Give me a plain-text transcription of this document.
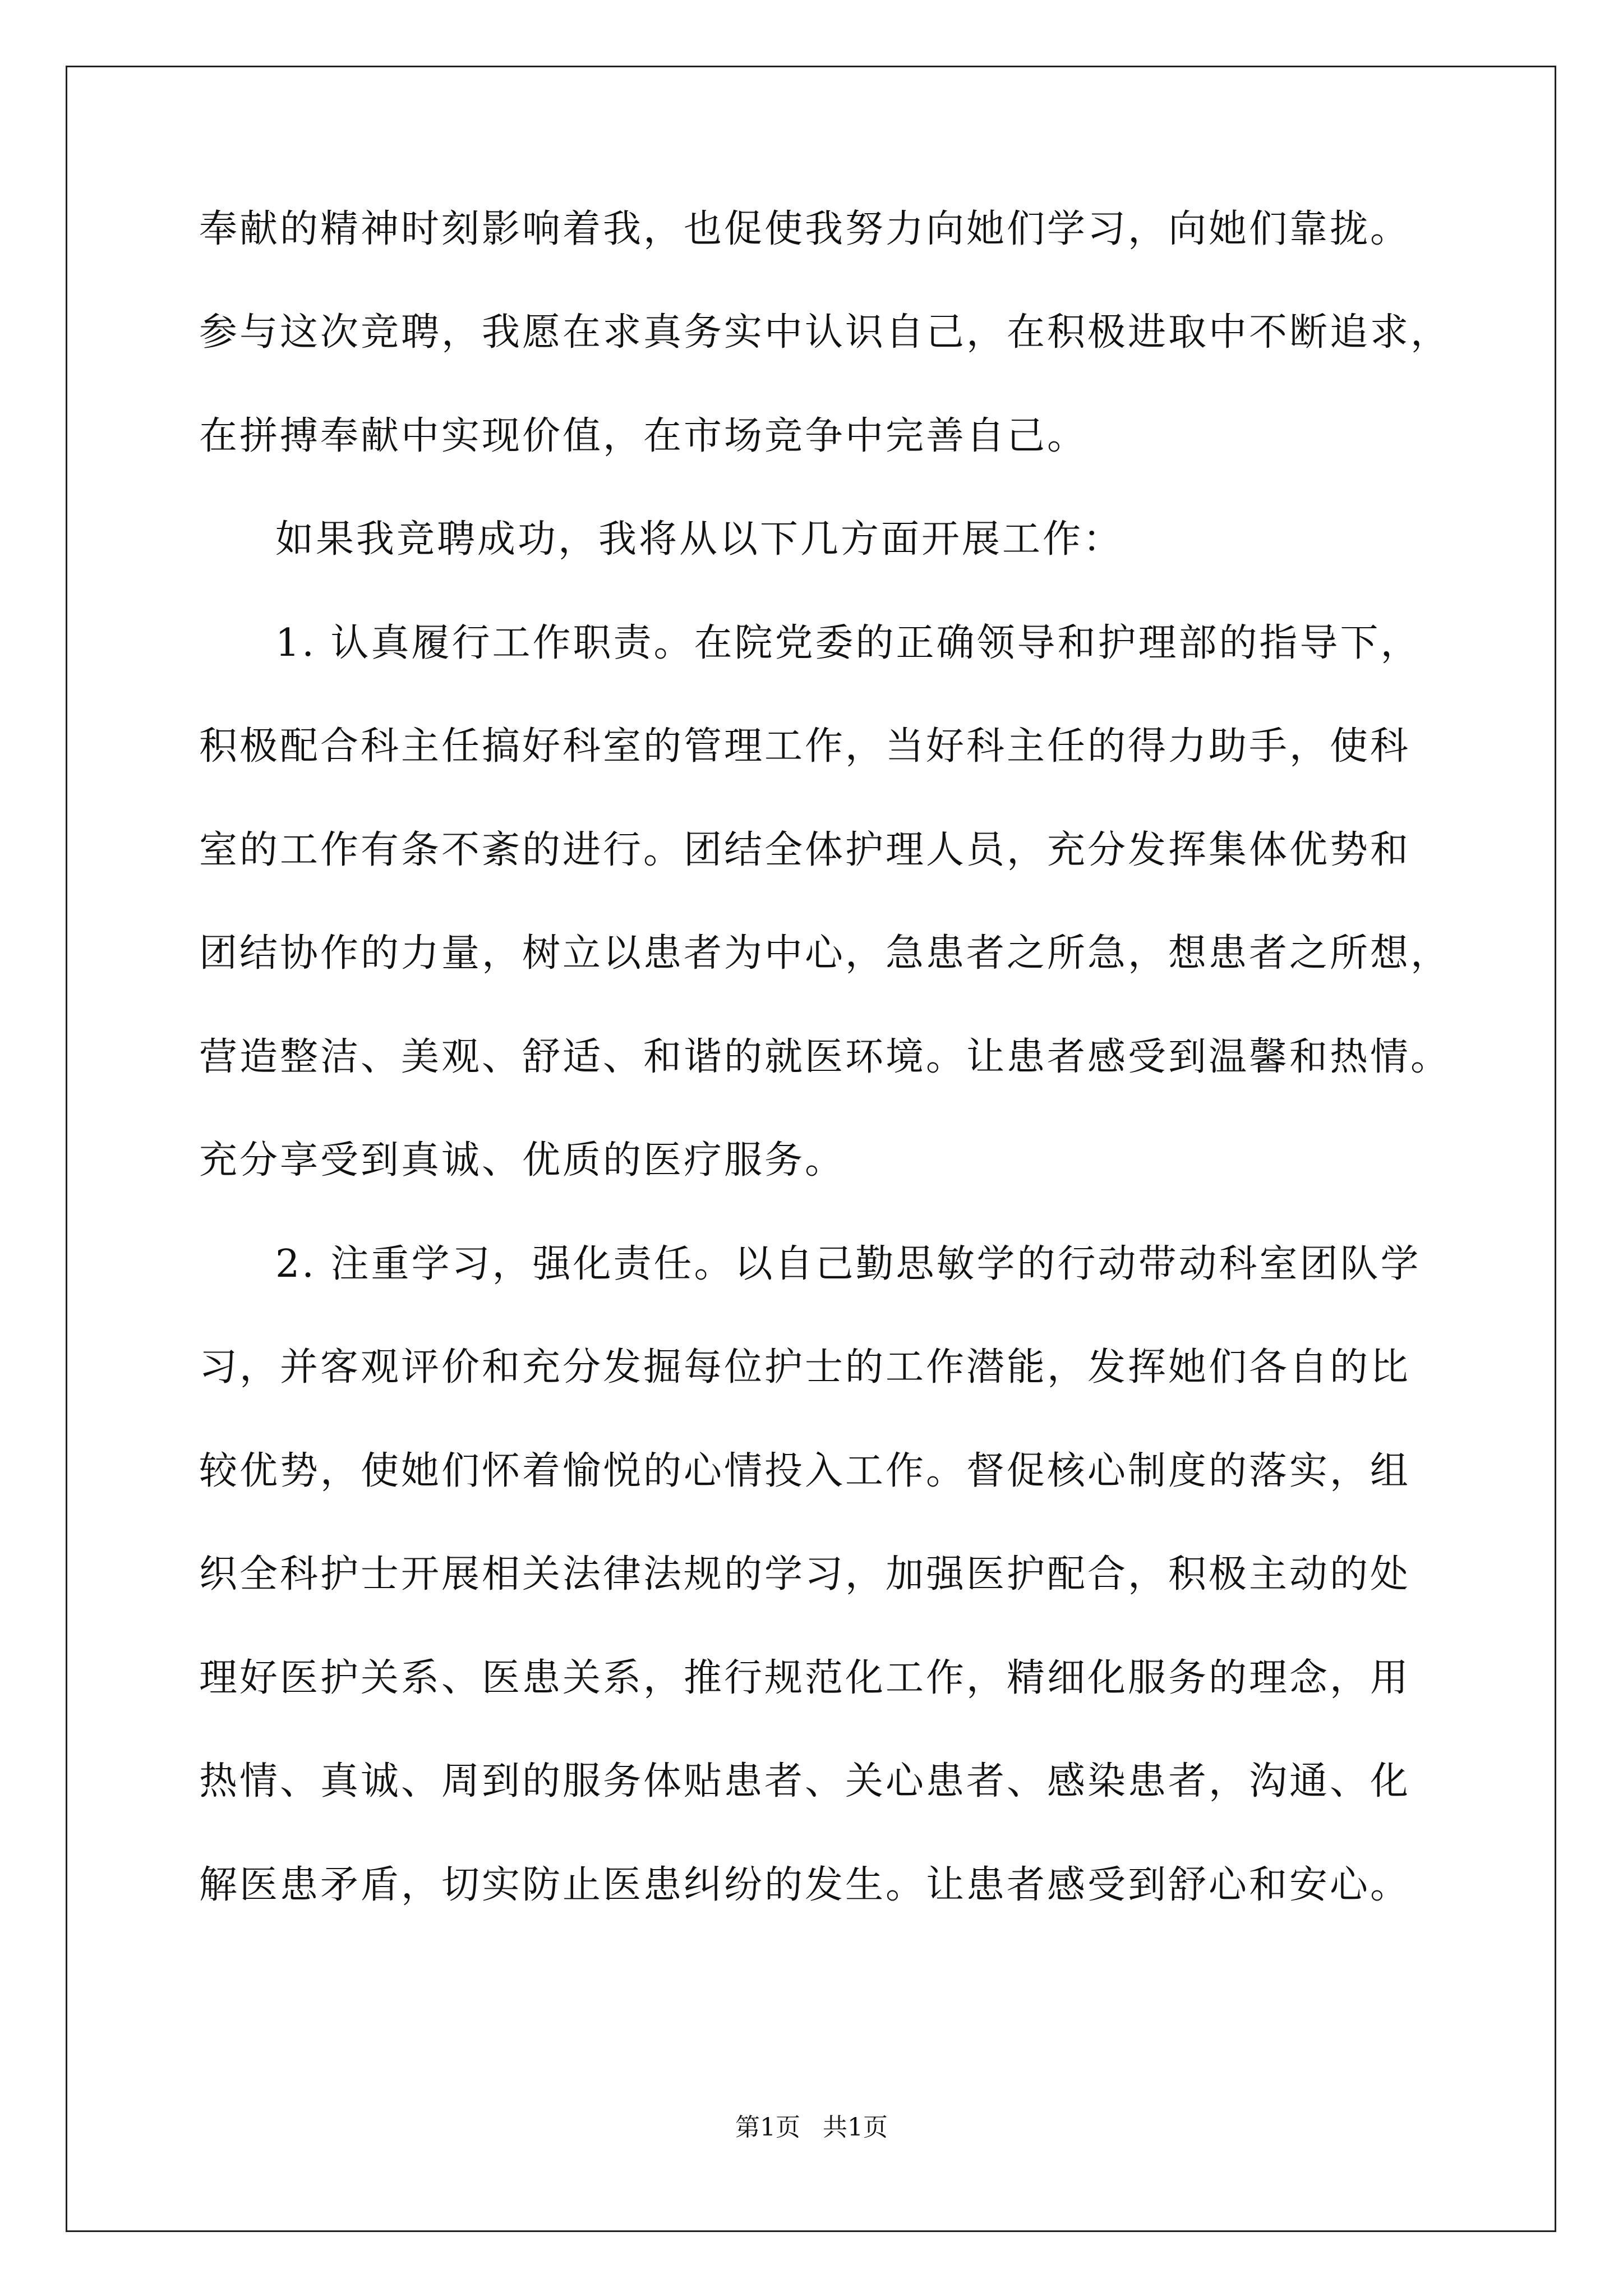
奉献的精神时刻影响着我，也促使我努力向她们学习，向她们靠拢。
参与这次竞聘，我愿在求真务实中认识自己，在积极进取中不断追求，
在拼搏奉献中实现价值，在市场竞争中完善自己。
如果我竞聘成功，我将从以下几方面开展工作：
1. 认真履行工作职责。在院党委的正确领导和护理部的指导下，
积极配合科主任搞好科室的管理工作，当好科主任的得力助手，使科
室的工作有条不紊的进行。团结全体护理人员，充分发挥集体优势和
团结协作的力量，树立以患者为中心，急患者之所急，想患者之所想，
营造整洁、美观、舒适、和谐的就医环境。让患者感受到温馨和热情。
充分享受到真诚、优质的医疗服务。
2. 注重学习，强化责任。以自己勤思敏学的行动带动科室团队学
习，并客观评价和充分发掘每位护士的工作潜能，发挥她们各自的比
较优势，使她们怀着愉悦的心情投入工作。督促核心制度的落实，组
织全科护士开展相关法律法规的学习，加强医护配合，积极主动的处
理好医护关系、医患关系，推行规范化工作，精细化服务的理念，用
热情、真诚、周到的服务体贴患者、关心患者、感染患者，沟通、化
解医患矛盾，切实防止医患纠纷的发生。让患者感受到舒心和安心。
第1页 共1页
